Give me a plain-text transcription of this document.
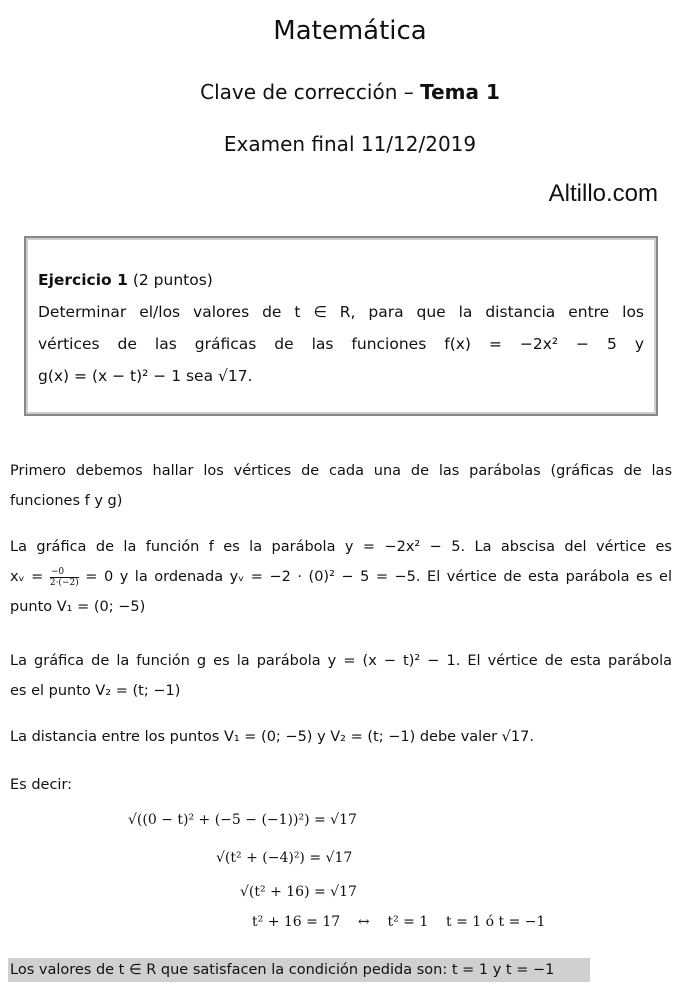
Matemática
Clave de corrección – Tema 1
Examen final 11/12/2019
Altillo.com

Ejercicio 1 (2 puntos)

Determinar el/los valores de t ∈ R, para que la distancia entre los

vértices de las gráficas de las funciones f(x) = −2x² − 5 y

g(x) = (x − t)² − 1 sea √17.

Primero debemos hallar los vértices de cada una de las parábolas (gráficas de las

funciones f y g)

La gráfica de la función f es la parábola y = −2x² − 5. La abscisa del vértice es

xᵥ = $\frac{-0}{2\cdot(-2)} = 0$ y la ordenada yᵥ = −2 · (0)² − 5 = −5. El vértice de esta parábola es el

punto V₁ = (0; −5)

La gráfica de la función g es la parábola y = (x − t)² − 1. El vértice de esta parábola

es el punto V₂ = (t; −1)

La distancia entre los puntos V₁ = (0; −5) y V₂ = (t; −1) debe valer √17.

Es decir:

√((0 − t)² + (−5 − (−1))²) = √17
√(t² + (−4)²) = √17
√(t² + 16) = √17
t² + 16 = 17    ↔    t² = 1    t = 1 ó t = −1
Los valores de t ∈ R que satisfacen la condición pedida son: t = 1 y t = −1
